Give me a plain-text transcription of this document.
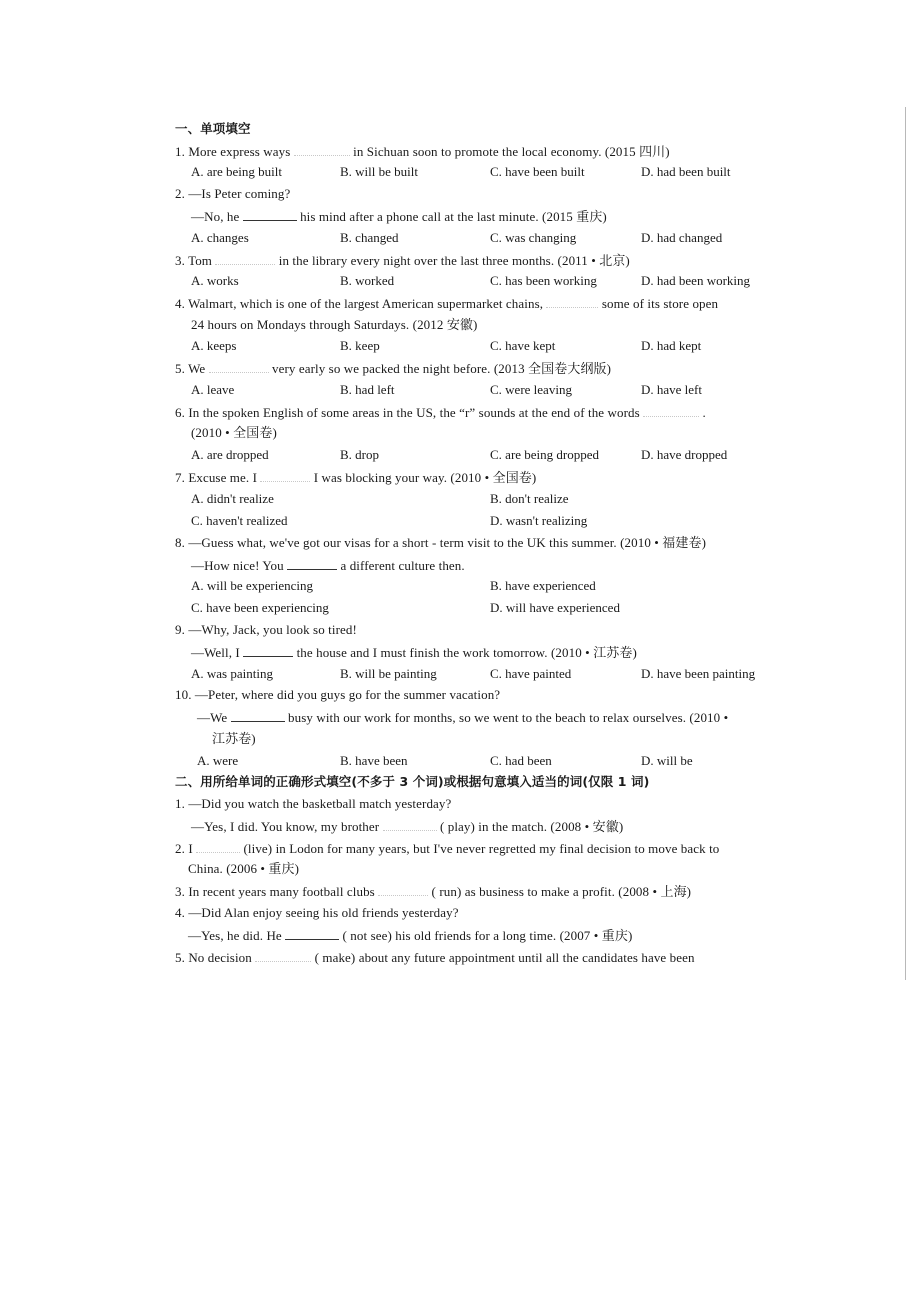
一、单项填空
1. More express ways	in Sichuan soon to promote the local economy. (2015 四川)
A. are being built	B. will be built	C. have been built	D. had been built
2. —Is Peter coming?
—No, he	his mind after a phone call at the last minute. (2015 重庆)
A. changes	B. changed	C. was changing	D. had changed
3. Tom	in the library every night over the last three months. (2011 • 北京)
A. works	B. worked	C. has been working	D. had been working
4. Walmart, which is one of the largest American supermarket chains,	some of its store open
24 hours on Mondays through Saturdays. (2012 安徽)
A. keeps	B. keep	C. have kept	D. had kept
5. We	very early so we packed the night before. (2013 全国卷大纲版)
A. leave	B. had left	C. were leaving	D. have left
6. In the spoken English of some areas in the US, the “r” sounds at the end of the words	.
(2010 • 全国卷)
A. are dropped	B. drop	C. are being dropped	D. have dropped
7. Excuse me. I	I was blocking your way. (2010 • 全国卷)
A. didn't realize	B. don't realize
C. haven't realized	D. wasn't realizing
8. —Guess what, we've got our visas for a short - term visit to the UK this summer. (2010 • 福建卷)
—How nice! You	a different culture then.
A. will be experiencing	B. have experienced
C. have been experiencing	D. will have experienced
9. —Why, Jack, you look so tired!
—Well, I	the house and I must finish the work tomorrow. (2010 • 江苏卷)
A. was painting	B. will be painting	C. have painted	D. have been painting
10. —Peter, where did you guys go for the summer vacation?
—We	busy with our work for months, so we went to the beach to relax ourselves. (2010 •
江苏卷)
A. were	B. have been	C. had been	D. will be
二、用所给单词的正确形式填空(不多于 3 个词)或根据句意填入适当的词(仅限 1 词)
1. —Did you watch the basketball match yesterday?
—Yes, I did. You know, my brother	( play) in the match. (2008 • 安徽)
2. I	(live) in Lodon for many years, but I've never regretted my final decision to move back to
China. (2006 • 重庆)
3. In recent years many football clubs	( run) as business to make a profit. (2008 • 上海)
4. —Did Alan enjoy seeing his old friends yesterday?
—Yes, he did. He	( not see) his old friends for a long time. (2007 • 重庆)
5. No decision	( make) about any future appointment until all the candidates have been
